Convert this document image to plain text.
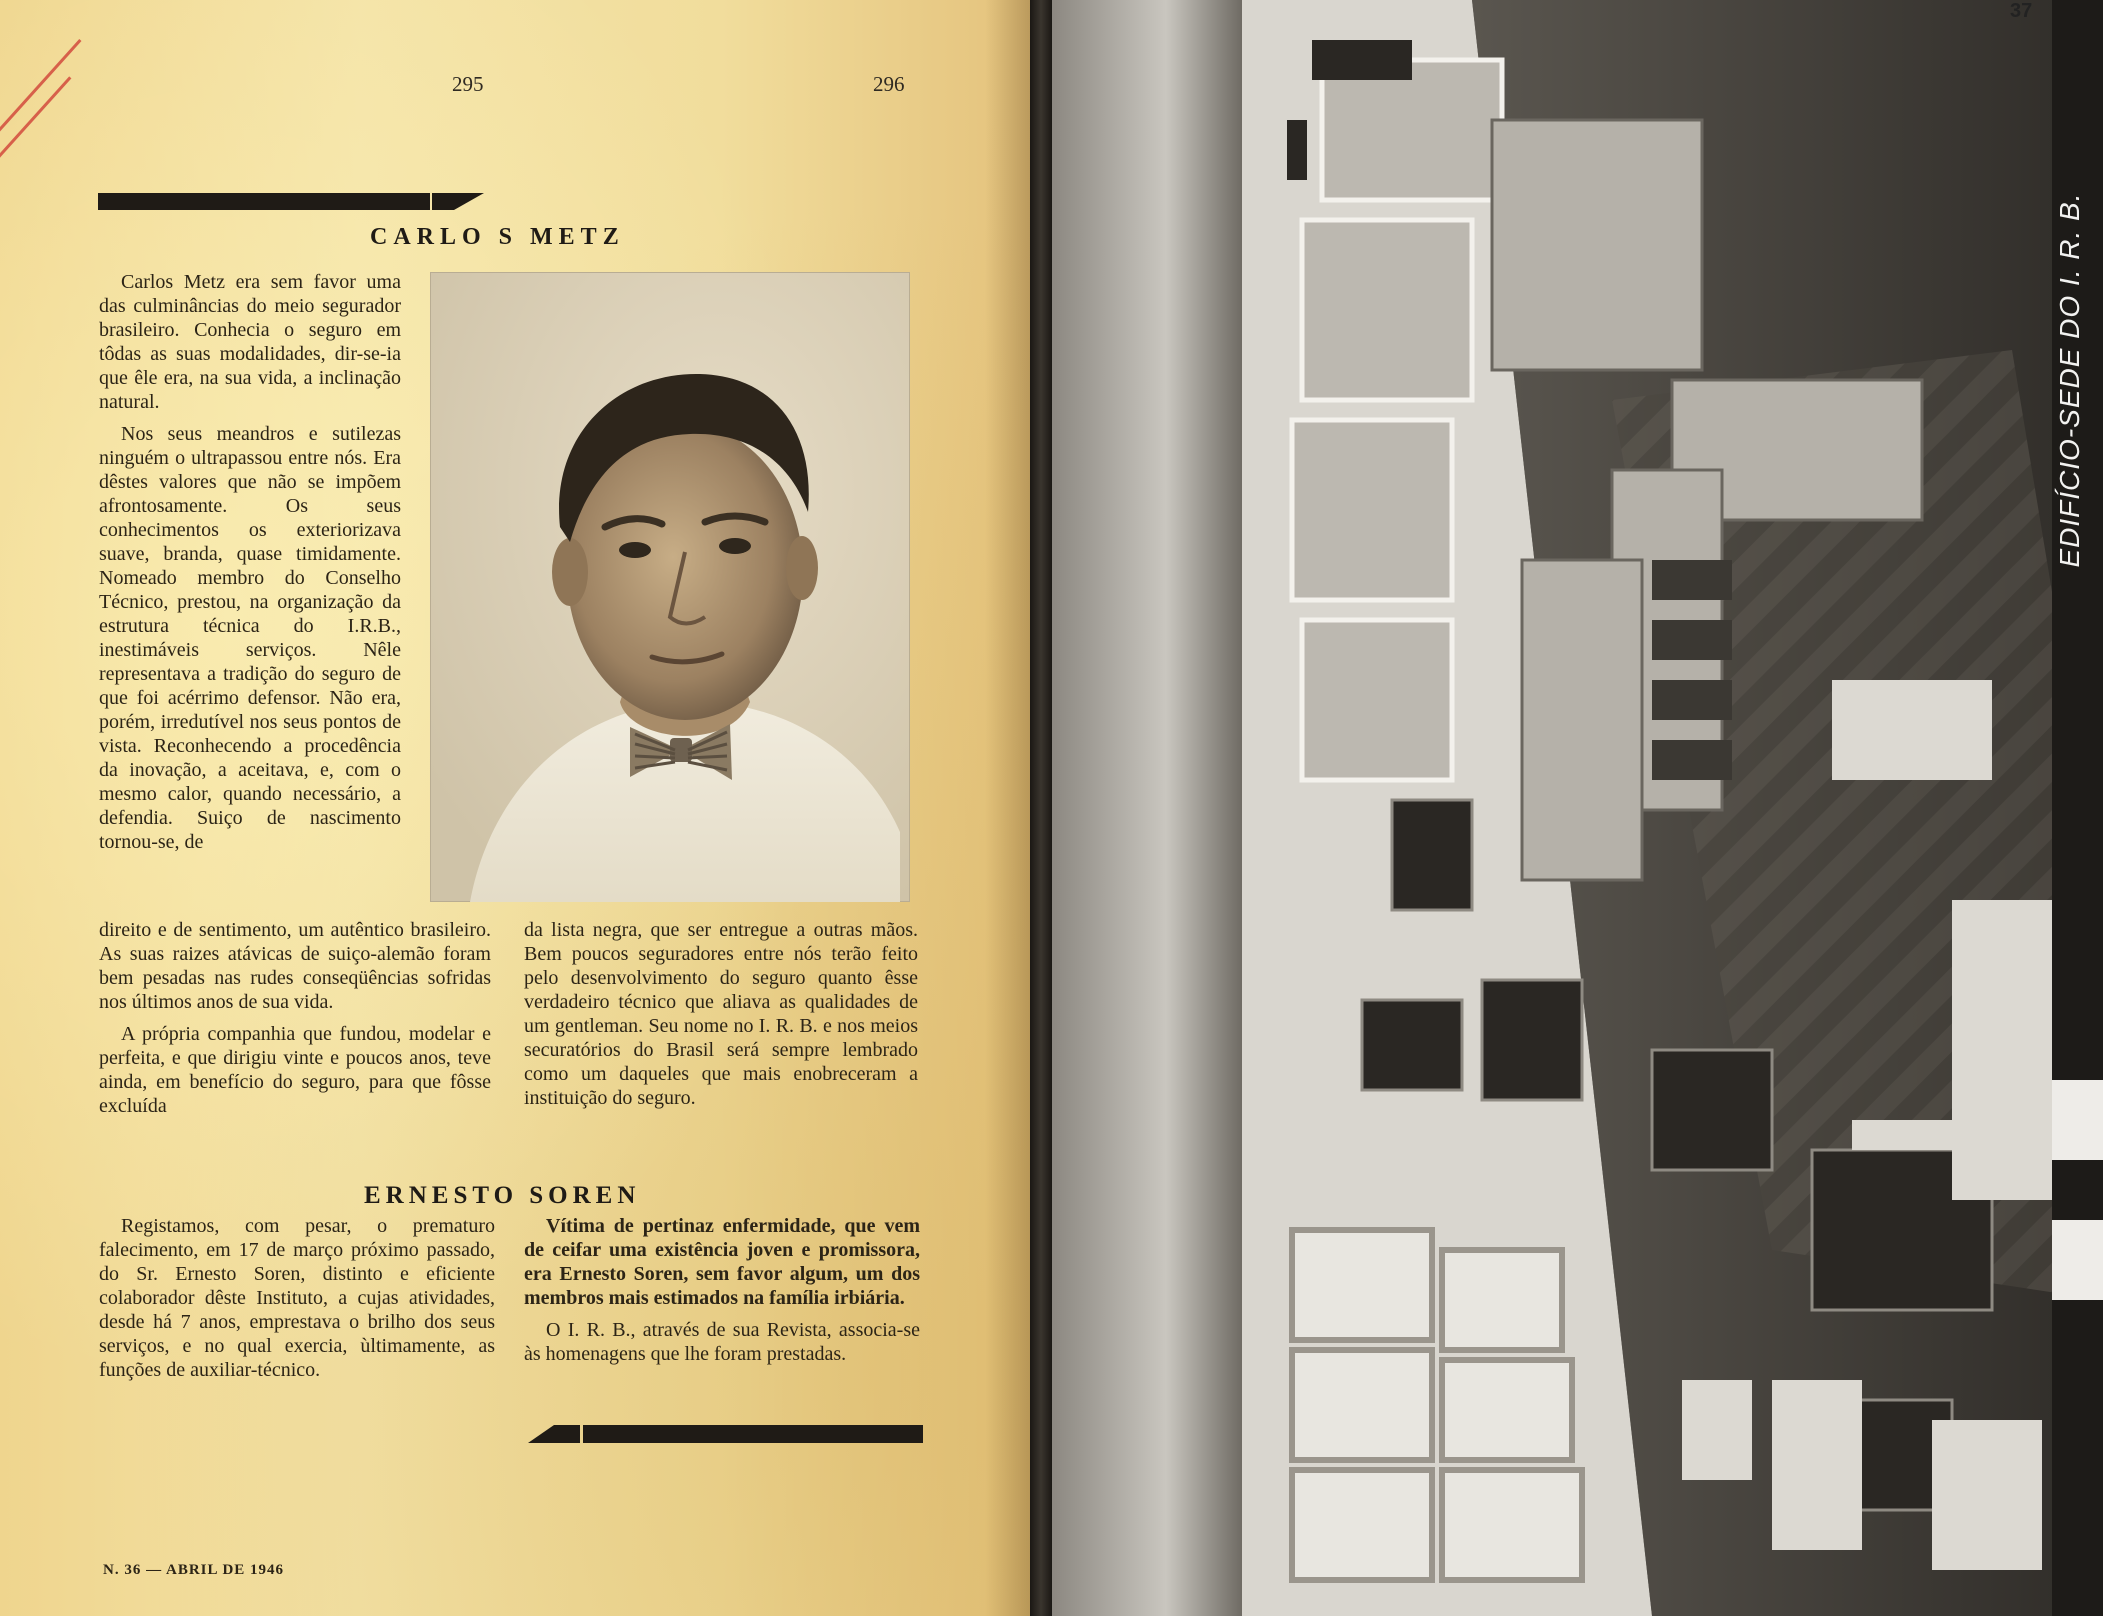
295	296
CARLO S METZ

Carlos Metz era sem favor uma das culminâncias do meio segurador brasileiro. Conhecia o seguro em tôdas as suas modalidades, dir-se-ia que êle era, na sua vida, a inclinação natural.

Nos seus meandros e sutilezas ninguém o ultrapassou entre nós. Era dêstes valores que não se impõem afrontosamente. Os seus conhecimentos os exteriorizava suave, branda, quase timidamente. Nomeado membro do Conselho Técnico, prestou, na organização da estrutura técnica do I.R.B., inestimáveis serviços. Nêle representava a tradição do seguro de que foi acérrimo defensor. Não era, porém, irredutível nos seus pontos de vista. Reconhecendo a procedência da inovação, a aceitava, e, com o mesmo calor, quando necessário, a defendia. Suiço de nascimento tornou-se, de

direito e de sentimento, um autêntico brasileiro. As suas raizes atávicas de suiço-alemão foram bem pesadas nas rudes conseqüências sofridas nos últimos anos de sua vida.

A própria companhia que fundou, modelar e perfeita, e que dirigiu vinte e poucos anos, teve ainda, em benefício do seguro, para que fôsse excluída

da lista negra, que ser entregue a outras mãos. Bem poucos seguradores entre nós terão feito pelo desenvolvimento do seguro quanto êsse verdadeiro técnico que aliava as qualidades de um gentleman. Seu nome no I. R. B. e nos meios securatórios do Brasil será sempre lembrado como um daqueles que mais enobreceram a instituição do seguro.

ERNESTO SOREN

Registamos, com pesar, o prematuro falecimento, em 17 de março próximo passado, do Sr. Ernesto Soren, distinto e eficiente colaborador dêste Instituto, a cujas atividades, desde há 7 anos, emprestava o brilho dos seus serviços, e no qual exercia, ùltimamente, as funções de auxiliar-técnico.

Vítima de pertinaz enfermidade, que vem de ceifar uma existência joven e promissora, era Ernesto Soren, sem favor algum, um dos membros mais estimados na família irbiária.

O I. R. B., através de sua Revista, associa-se às homenagens que lhe foram prestadas.

N. 36 — ABRIL DE 1946
EDIFÍCIO-SEDE DO I. R. B.
37
